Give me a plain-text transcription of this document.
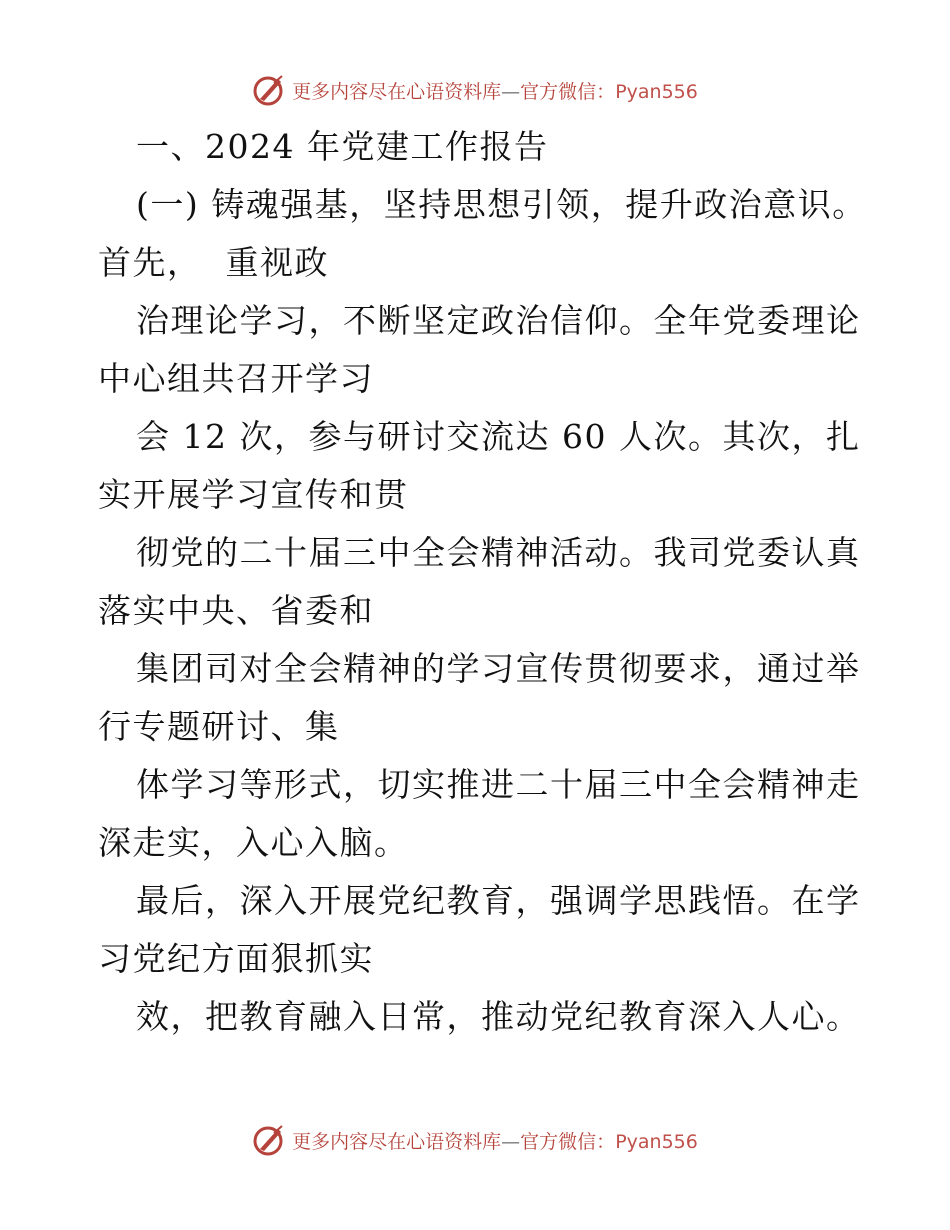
更多内容尽在心语资料库—官方微信：Pyan556
一、2024 年党建工作报告
(一) 铸魂强基，坚持思想引领，提升政治意识。
首先，  重视政
治理论学习，不断坚定政治信仰。全年党委理论
中心组共召开学习
会 12 次，参与研讨交流达 60 人次。其次，扎
实开展学习宣传和贯
彻党的二十届三中全会精神活动。我司党委认真
落实中央、省委和
集团司对全会精神的学习宣传贯彻要求，通过举
行专题研讨、集
体学习等形式，切实推进二十届三中全会精神走
深走实，入心入脑。
最后，深入开展党纪教育，强调学思践悟。在学
习党纪方面狠抓实
效，把教育融入日常，推动党纪教育深入人心。
更多内容尽在心语资料库—官方微信：Pyan556
